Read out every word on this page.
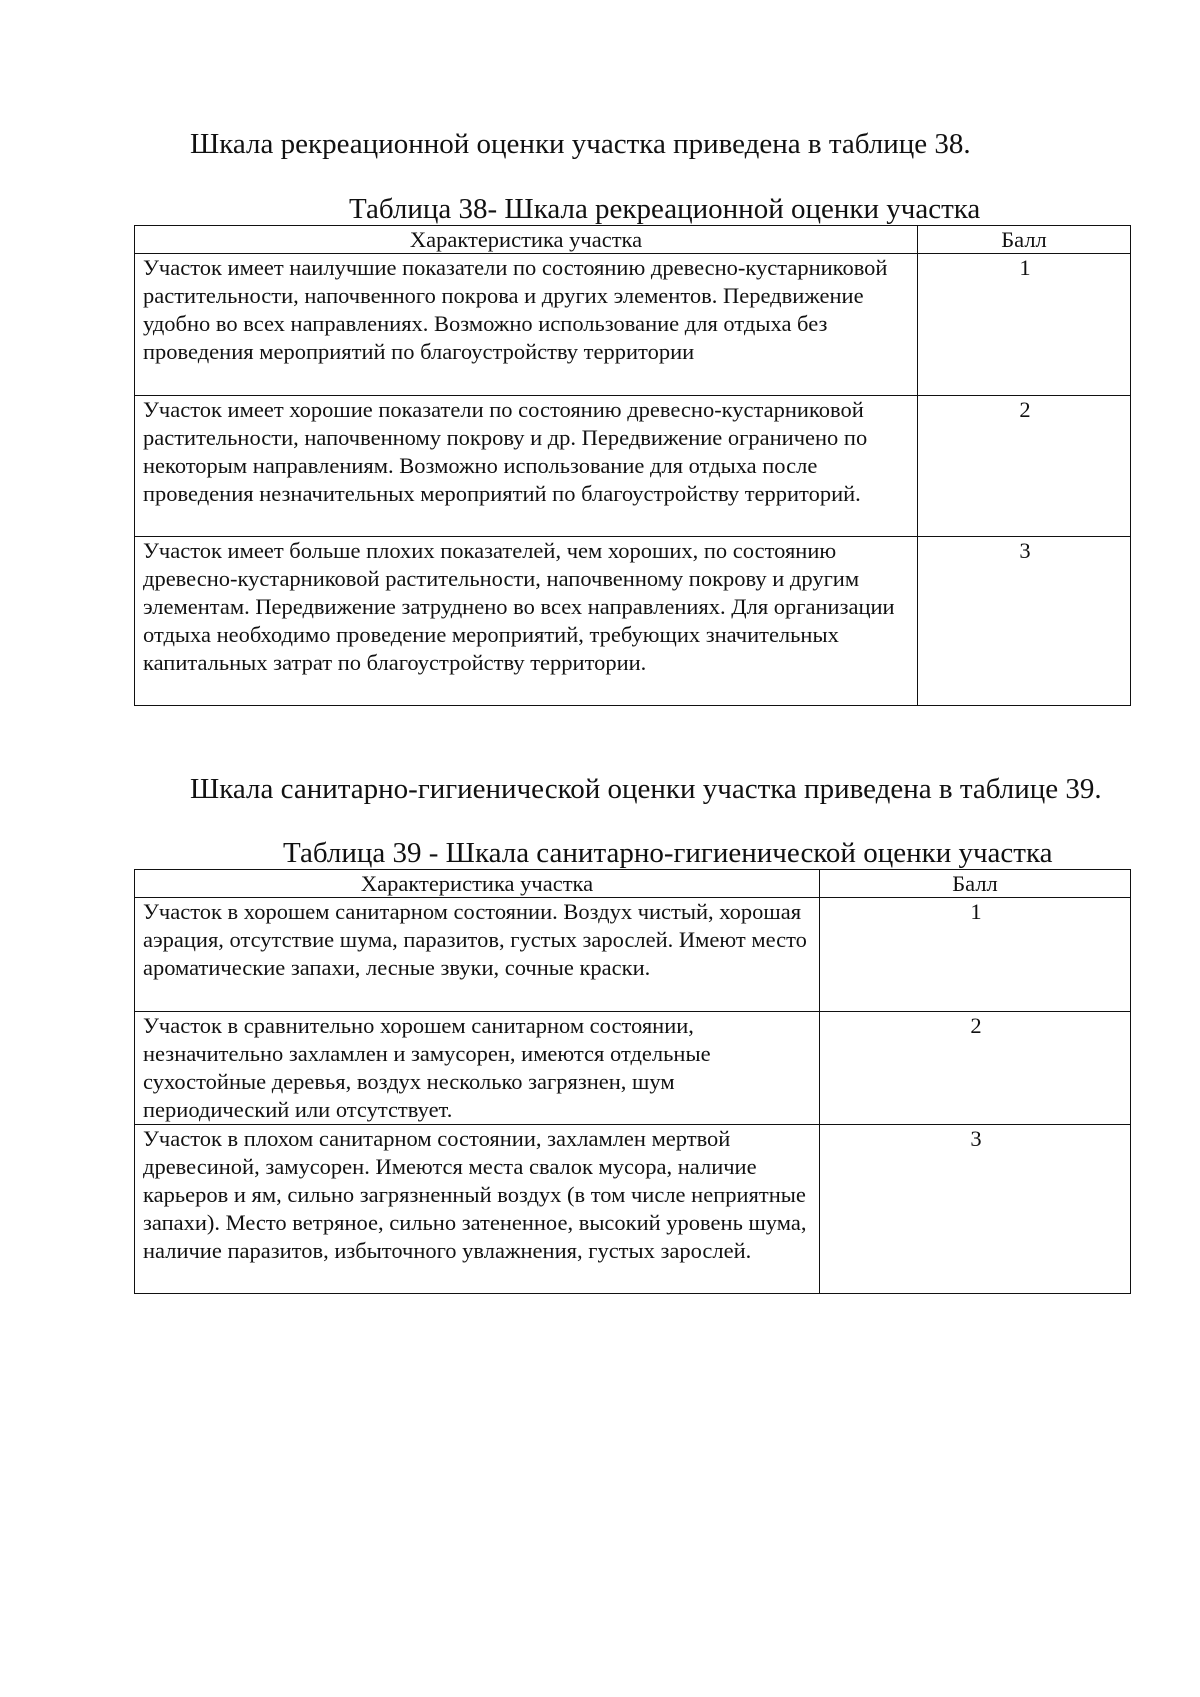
Шкала рекреационной оценки участка приведена в таблице 38.
Таблица 38- Шкала рекреационной оценки участка
Характеристика участка	Балл
Участок имеет наилучшие показатели по состоянию древесно-кустарниковой растительности, напочвенного покрова и других элементов. Передвижение удобно во всех направлениях. Возможно использование для отдыха без проведения мероприятий по благоустройству территории	1
Участок имеет хорошие показатели по состоянию древесно-кустарниковой растительности, напочвенному покрову и др. Передвижение ограничено по некоторым направлениям. Возможно использование для отдыха после проведения незначительных мероприятий по благоустройству территорий.	2
Участок имеет больше плохих показателей, чем хороших, по состоянию древесно-кустарниковой растительности, напочвенному покрову и другим элементам. Передвижение затруднено во всех направлениях. Для организации отдыха необходимо проведение мероприятий, требующих значительных капитальных затрат по благоустройству территории.	3
Шкала санитарно-гигиенической оценки участка приведена в таблице 39.
Таблица 39 - Шкала санитарно-гигиенической оценки участка
Характеристика участка	Балл
Участок в хорошем санитарном состоянии. Воздух чистый, хорошая аэрация, отсутствие шума, паразитов, густых зарослей. Имеют место ароматические запахи, лесные звуки, сочные краски.	1
Участок в сравнительно хорошем санитарном состоянии, незначительно захламлен и замусорен, имеются отдельные сухостойные деревья, воздух несколько загрязнен, шум периодический или отсутствует.	2
Участок в плохом санитарном состоянии, захламлен мертвой древесиной, замусорен. Имеются места свалок мусора, наличие карьеров и ям, сильно загрязненный воздух (в том числе неприятные запахи). Место ветряное, сильно затененное, высокий уровень шума, наличие паразитов, избыточного увлажнения, густых зарослей.	3
